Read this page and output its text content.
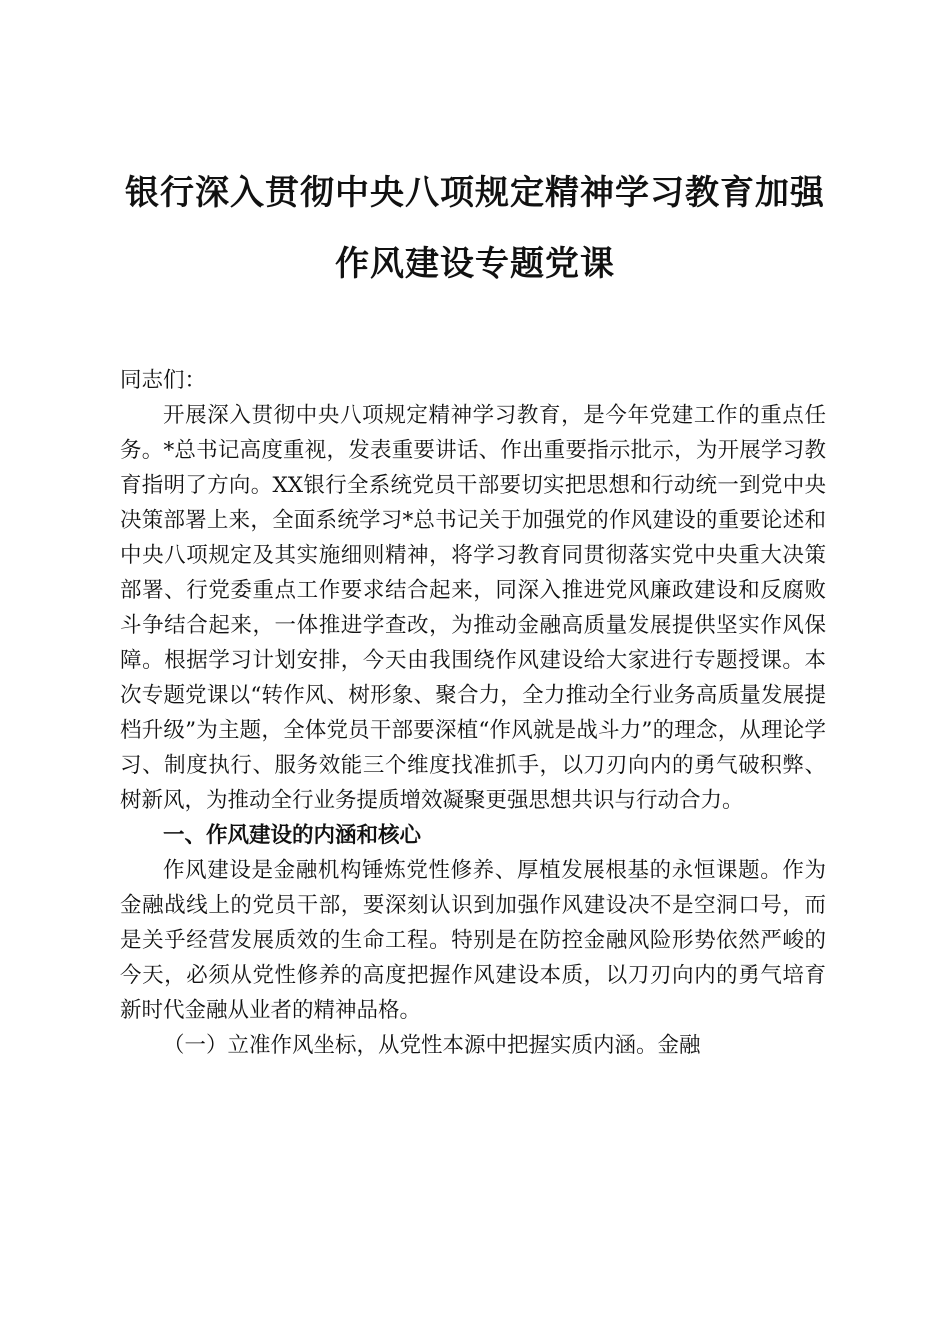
银行深入贯彻中央八项规定精神学习教育加强
作风建设专题党课

同志们：

开展深入贯彻中央八项规定精神学习教育，是今年党建工作的重点任务。*总书记高度重视，发表重要讲话、作出重要指示批示，为开展学习教育指明了方向。XX银行全系统党员干部要切实把思想和行动统一到党中央决策部署上来，全面系统学习*总书记关于加强党的作风建设的重要论述和中央八项规定及其实施细则精神，将学习教育同贯彻落实党中央重大决策部署、行党委重点工作要求结合起来，同深入推进党风廉政建设和反腐败斗争结合起来，一体推进学查改，为推动金融高质量发展提供坚实作风保障。根据学习计划安排，今天由我围绕作风建设给大家进行专题授课。本次专题党课以“转作风、树形象、聚合力，全力推动全行业务高质量发展提档升级”为主题，全体党员干部要深植“作风就是战斗力”的理念，从理论学习、制度执行、服务效能三个维度找准抓手，以刀刃向内的勇气破积弊、树新风，为推动全行业务提质增效凝聚更强思想共识与行动合力。

一、作风建设的内涵和核心

作风建设是金融机构锤炼党性修养、厚植发展根基的永恒课题。作为金融战线上的党员干部，要深刻认识到加强作风建设决不是空洞口号，而是关乎经营发展质效的生命工程。特别是在防控金融风险形势依然严峻的今天，必须从党性修养的高度把握作风建设本质，以刀刃向内的勇气培育新时代金融从业者的精神品格。

（一）立准作风坐标，从党性本源中把握实质内涵。金融
